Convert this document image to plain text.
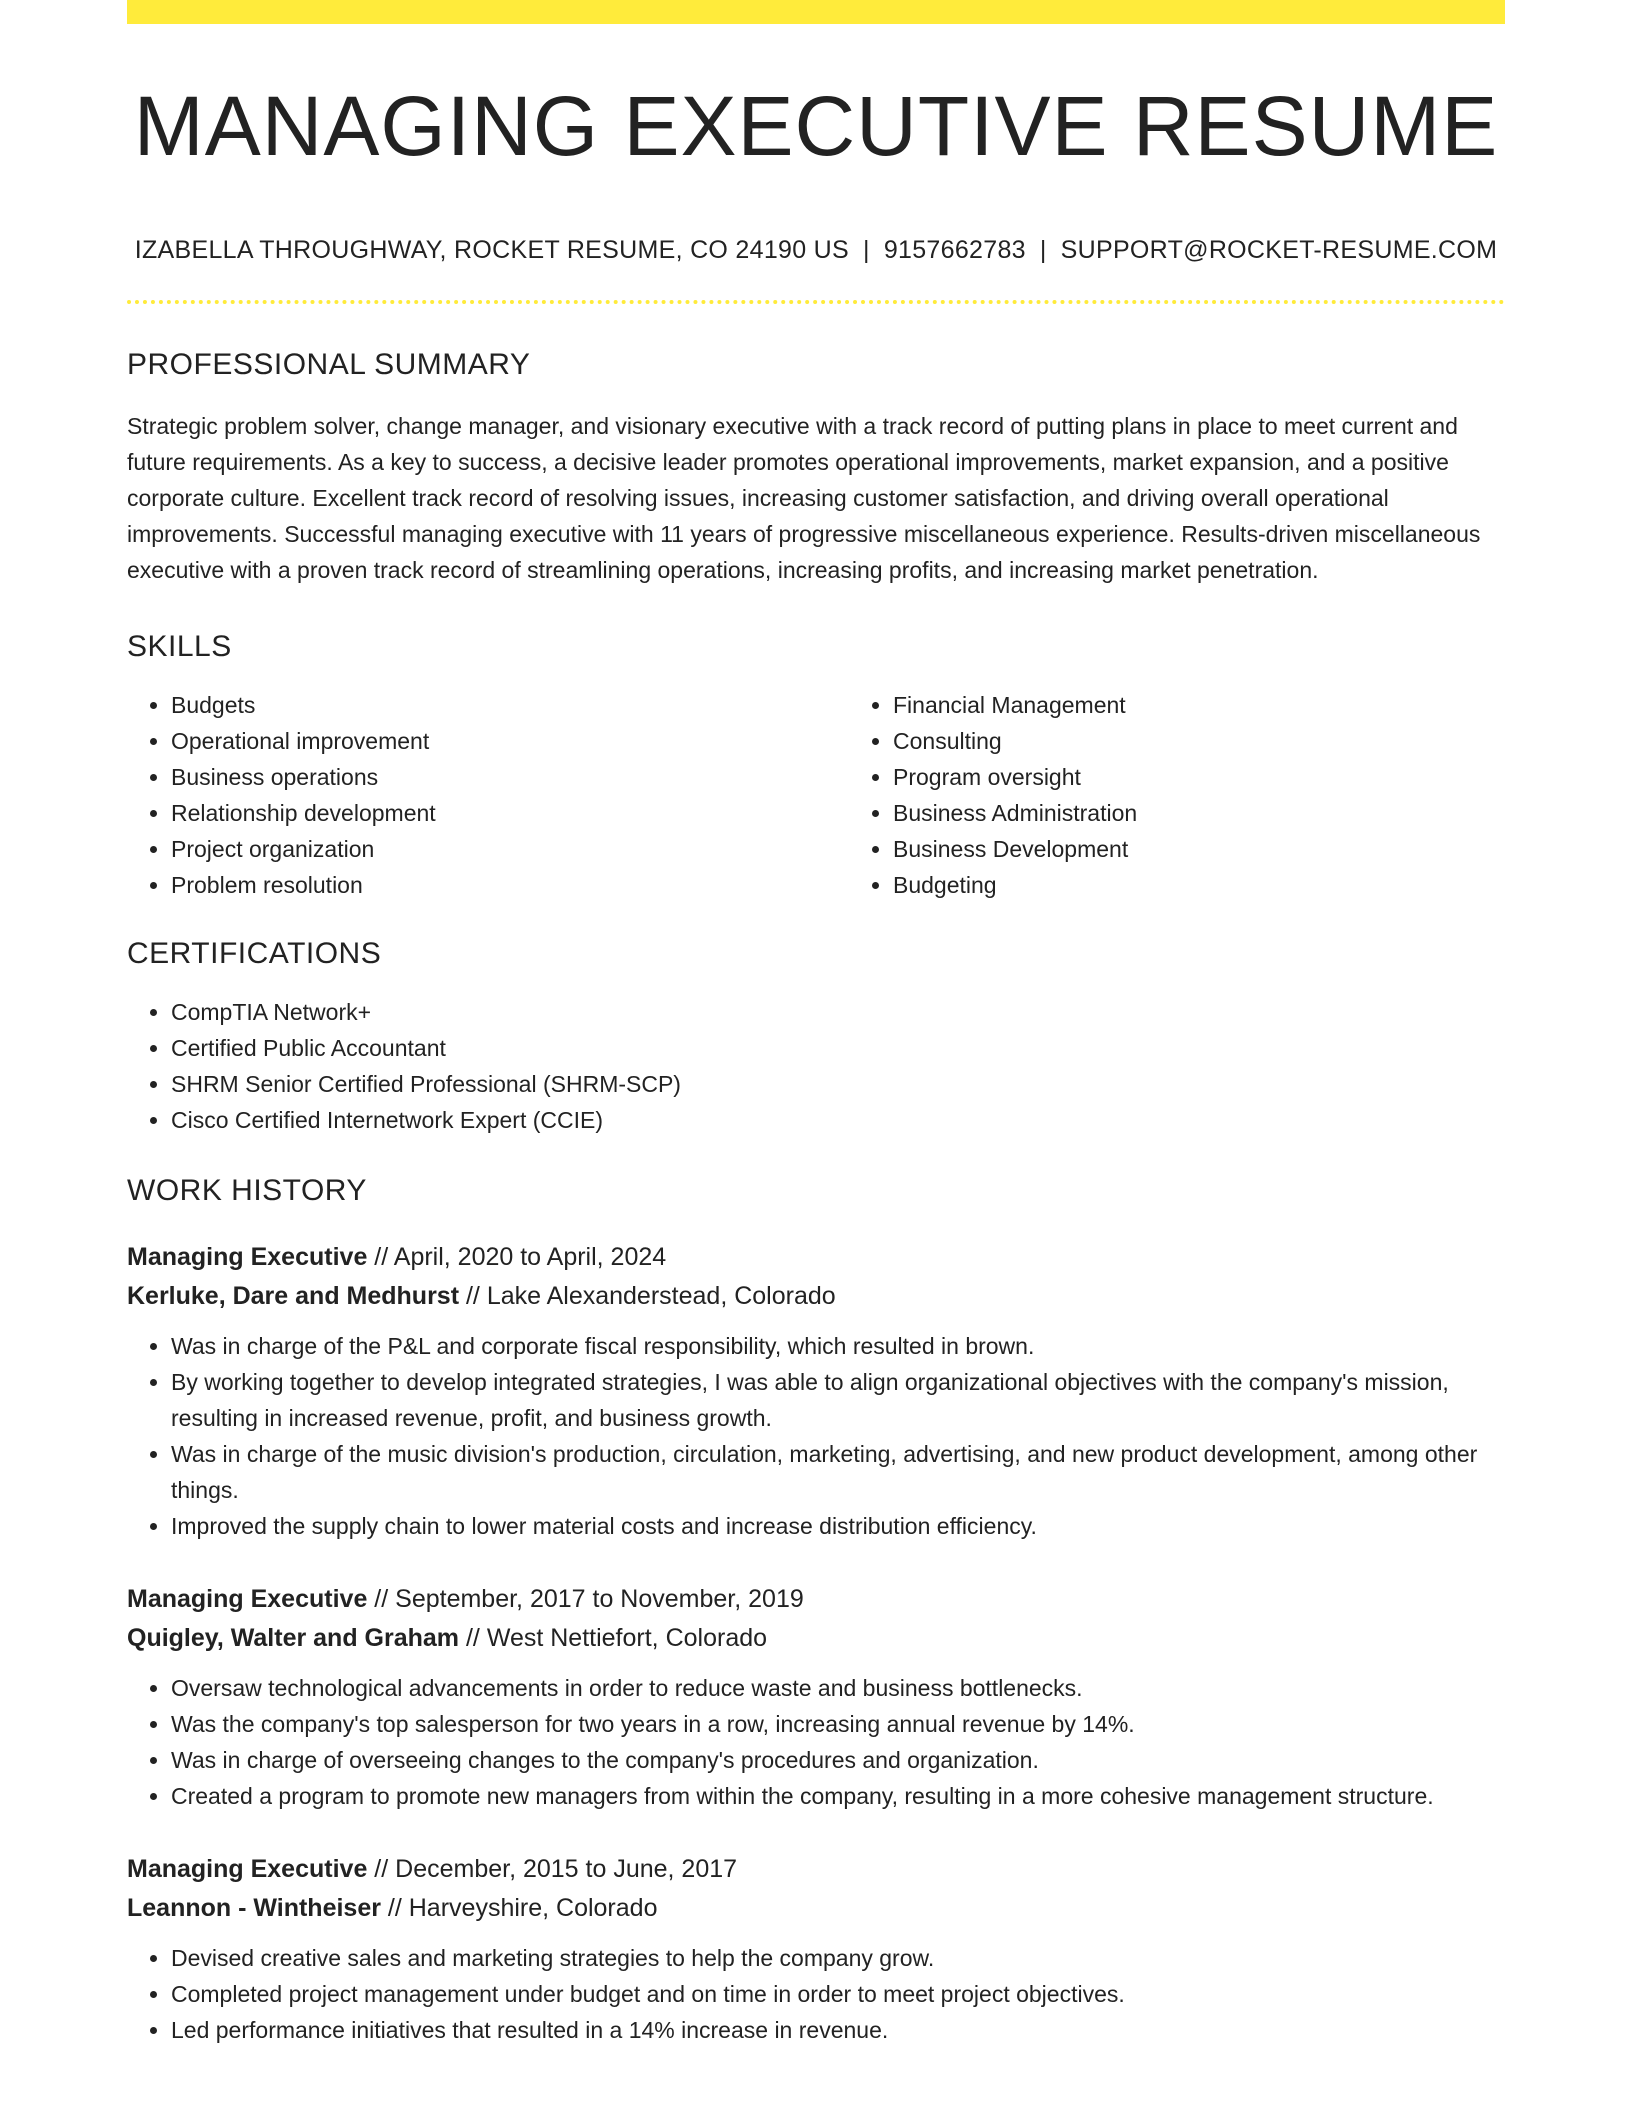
MANAGING EXECUTIVE RESUME
IZABELLA THROUGHWAY, ROCKET RESUME, CO 24190 US | 9157662783 | SUPPORT@ROCKET-RESUME.COM
PROFESSIONAL SUMMARY

Strategic problem solver, change manager, and visionary executive with a track record of putting plans in place to meet current and future requirements. As a key to success, a decisive leader promotes operational improvements, market expansion, and a positive corporate culture. Excellent track record of resolving issues, increasing customer satisfaction, and driving overall operational improvements. Successful managing executive with 11 years of progressive miscellaneous experience. Results-driven miscellaneous executive with a proven track record of streamlining operations, increasing profits, and increasing market penetration.

SKILLS
• Budgets
• Operational improvement
• Business operations
• Relationship development
• Project organization
• Problem resolution
• Financial Management
• Consulting
• Program oversight
• Business Administration
• Business Development
• Budgeting
CERTIFICATIONS
• CompTIA Network+
• Certified Public Accountant
• SHRM Senior Certified Professional (SHRM-SCP)
• Cisco Certified Internetwork Expert (CCIE)
WORK HISTORY
Managing Executive // April, 2020 to April, 2024
Kerluke, Dare and Medhurst // Lake Alexanderstead, Colorado
• Was in charge of the P&L and corporate fiscal responsibility, which resulted in brown.
• By working together to develop integrated strategies, I was able to align organizational objectives with the company's mission, resulting in increased revenue, profit, and business growth.
• Was in charge of the music division's production, circulation, marketing, advertising, and new product development, among other things.
• Improved the supply chain to lower material costs and increase distribution efficiency.
Managing Executive // September, 2017 to November, 2019
Quigley, Walter and Graham // West Nettiefort, Colorado
• Oversaw technological advancements in order to reduce waste and business bottlenecks.
• Was the company's top salesperson for two years in a row, increasing annual revenue by 14%.
• Was in charge of overseeing changes to the company's procedures and organization.
• Created a program to promote new managers from within the company, resulting in a more cohesive management structure.
Managing Executive // December, 2015 to June, 2017
Leannon - Wintheiser // Harveyshire, Colorado
• Devised creative sales and marketing strategies to help the company grow.
• Completed project management under budget and on time in order to meet project objectives.
• Led performance initiatives that resulted in a 14% increase in revenue.
